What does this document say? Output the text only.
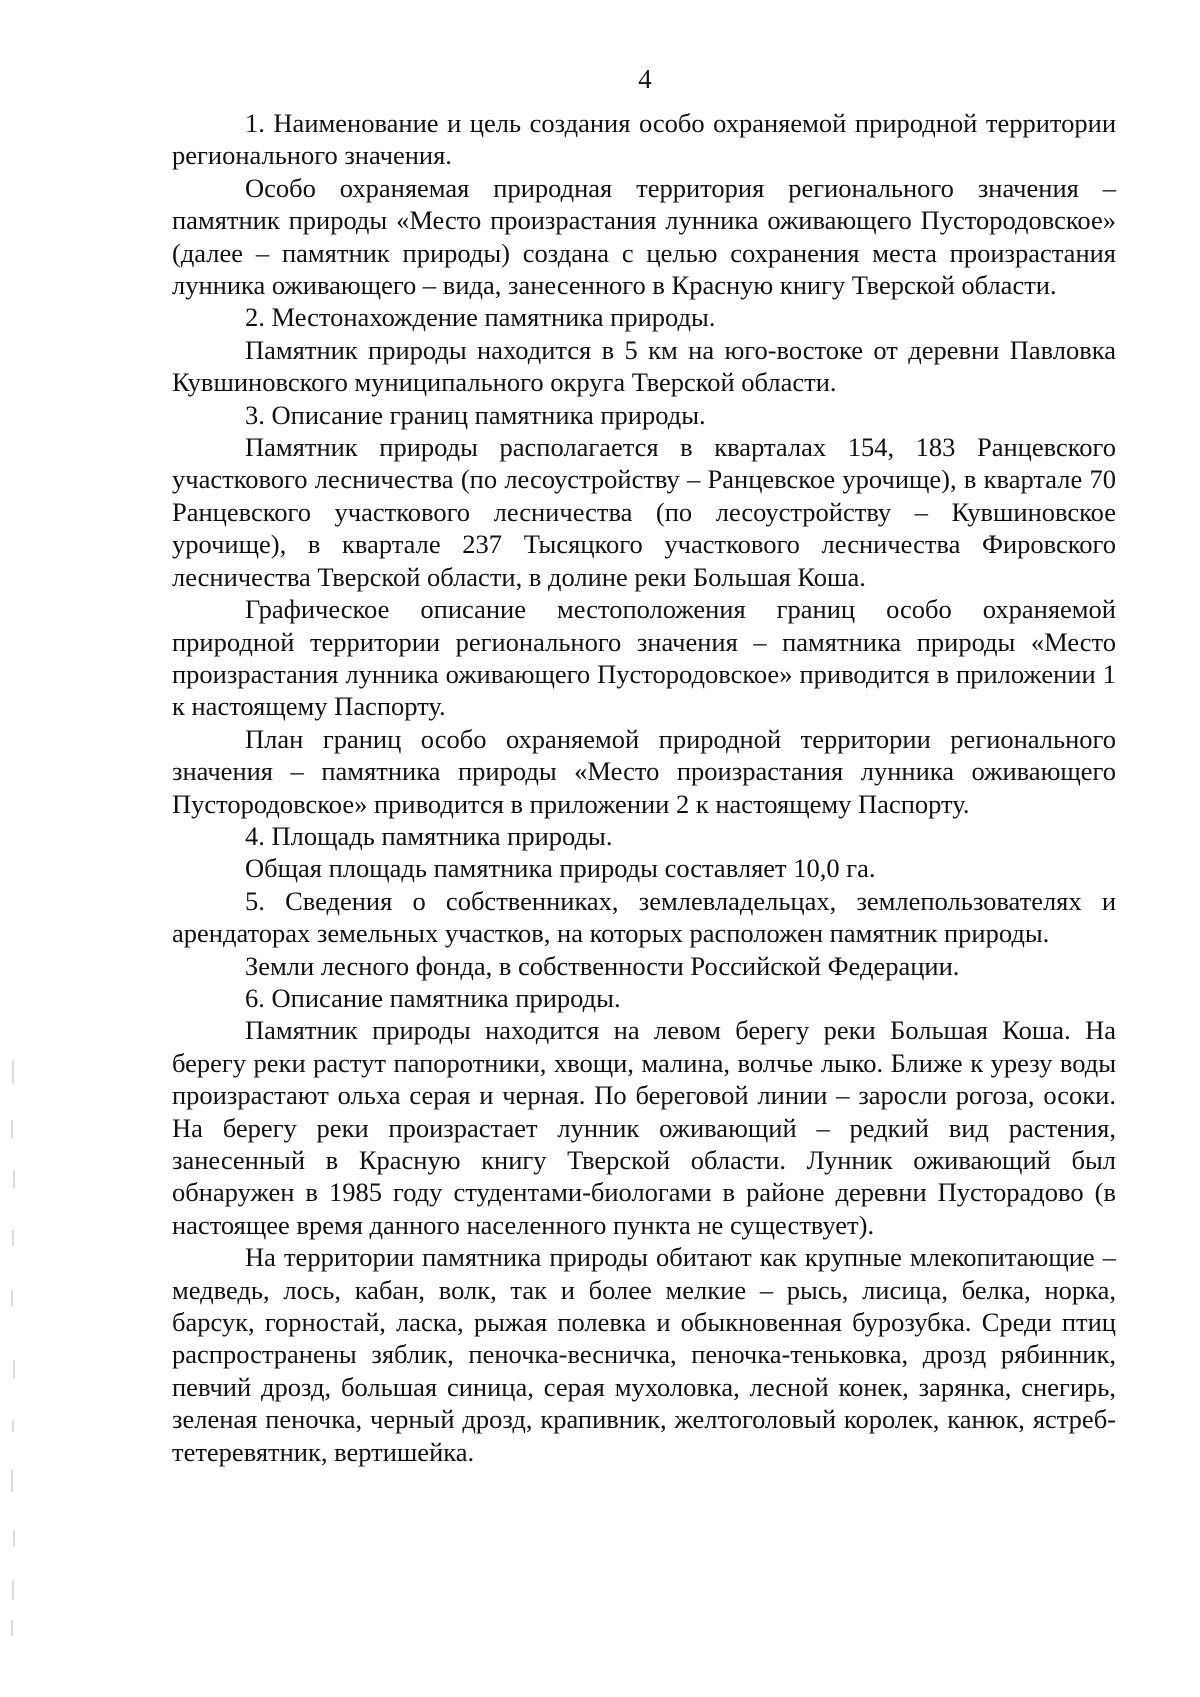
4

1. Наименование и цель создания особо охраняемой природной территории регионального значения.

Особо охраняемая природная территория регионального значения – памятник природы «Место произрастания лунника оживающего Пустородовское» (далее – памятник природы) создана с целью сохранения места произрастания лунника оживающего – вида, занесенного в Красную книгу Тверской области.

2. Местонахождение памятника природы.

Памятник природы находится в 5 км на юго-востоке от деревни Павловка Кувшиновского муниципального округа Тверской области.

3. Описание границ памятника природы.

Памятник природы располагается в кварталах 154, 183 Ранцевского участкового лесничества (по лесоустройству – Ранцевское урочище), в квартале 70 Ранцевского участкового лесничества (по лесоустройству – Кувшиновское урочище), в квартале 237 Тысяцкого участкового лесничества Фировского лесничества Тверской области, в долине реки Большая Коша.

Графическое описание местоположения границ особо охраняемой природной территории регионального значения – памятника природы «Место произрастания лунника оживающего Пустородовское» приводится в приложении 1 к настоящему Паспорту.

План границ особо охраняемой природной территории регионального значения – памятника природы «Место произрастания лунника оживающего Пустородовское» приводится в приложении 2 к настоящему Паспорту.

4. Площадь памятника природы.

Общая площадь памятника природы составляет 10,0 га.

5. Сведения о собственниках, землевладельцах, землепользователях и арендаторах земельных участков, на которых расположен памятник природы.

Земли лесного фонда, в собственности Российской Федерации.

6. Описание памятника природы.

Памятник природы находится на левом берегу реки Большая Коша. На берегу реки растут папоротники, хвощи, малина, волчье лыко. Ближе к урезу воды произрастают ольха серая и черная. По береговой линии – заросли рогоза, осоки. На берегу реки произрастает лунник оживающий – редкий вид растения, занесенный в Красную книгу Тверской области. Лунник оживающий был обнаружен в 1985 году студентами-биологами в районе деревни Пусторадово (в настоящее время данного населенного пункта не существует).

На территории памятника природы обитают как крупные млекопитающие – медведь, лось, кабан, волк, так и более мелкие – рысь, лисица, белка, норка, барсук, горностай, ласка, рыжая полевка и обыкновенная бурозубка. Среди птиц распространены зяблик, пеночка-весничка, пеночка-теньковка, дрозд рябинник, певчий дрозд, большая синица, серая мухоловка, лесной конек, зарянка, снегирь, зеленая пеночка, черный дрозд, крапивник, желтоголовый королек, канюк, ястреб-тетеревятник, вертишейка.
